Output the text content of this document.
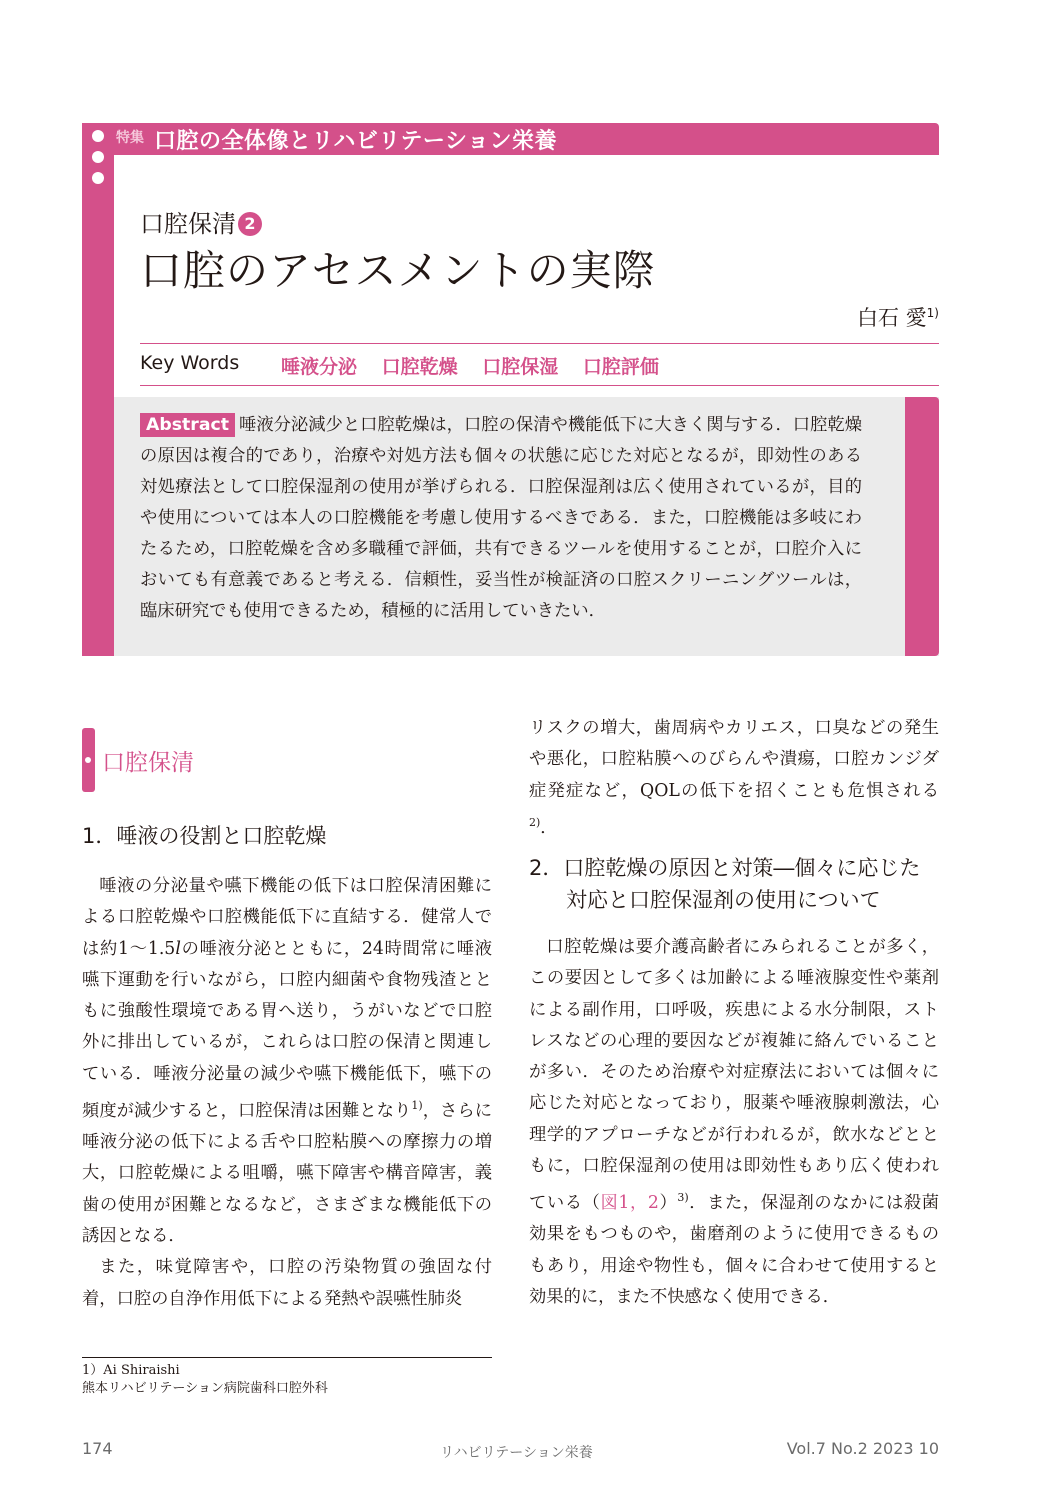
特集 口腔の全体像とリハビリテーション栄養
口腔保清 2
口腔のアセスメントの実際
白石 愛$^{1)}$
Key Words 唾液分泌 口腔乾燥 口腔保湿 口腔評価
Abstract 唾液分泌減少と口腔乾燥は，口腔の保清や機能低下に大きく関与する．口腔乾燥の原因は複合的であり，治療や対処方法も個々の状態に応じた対応となるが，即効性のある対処療法として口腔保湿剤の使用が挙げられる．口腔保湿剤は広く使用されているが，目的や使用については本人の口腔機能を考慮し使用するべきである．また，口腔機能は多岐にわたるため，口腔乾燥を含め多職種で評価，共有できるツールを使用することが，口腔介入においても有意義であると考える．信頼性，妥当性が検証済の口腔スクリーニングツールは，臨床研究でも使用できるため，積極的に活用していきたい．
口腔保清
1．唾液の役割と口腔乾燥

唾液の分泌量や嚥下機能の低下は口腔保清困難による口腔乾燥や口腔機能低下に直結する．健常人では約1～1.5lの唾液分泌とともに，24時間常に唾液嚥下運動を行いながら，口腔内細菌や食物残渣とともに強酸性環境である胃へ送り，うがいなどで口腔外に排出しているが，これらは口腔の保清と関連している．唾液分泌量の減少や嚥下機能低下，嚥下の頻度が減少すると，口腔保清は困難となり$^{1)}$，さらに唾液分泌の低下による舌や口腔粘膜への摩擦力の増大，口腔乾燥による咀嚼，嚥下障害や構音障害，義歯の使用が困難となるなど，さまざまな機能低下の誘因となる．

また，味覚障害や，口腔の汚染物質の強固な付着，口腔の自浄作用低下による発熱や誤嚥性肺炎

リスクの増大，歯周病やカリエス，口臭などの発生や悪化，口腔粘膜へのびらんや潰瘍，口腔カンジダ症発症など，QOLの低下を招くことも危惧される$^{2)}$．

2．口腔乾燥の原因と対策―個々に応じた
対応と口腔保湿剤の使用について

口腔乾燥は要介護高齢者にみられることが多く，この要因として多くは加齢による唾液腺変性や薬剤による副作用，口呼吸，疾患による水分制限，ストレスなどの心理的要因などが複雑に絡んでいることが多い．そのため治療や対症療法においては個々に応じた対応となっており，服薬や唾液腺刺激法，心理学的アプローチなどが行われるが，飲水などとともに，口腔保湿剤の使用は即効性もあり広く使われている（図1，2）$^{3)}$．また，保湿剤のなかには殺菌効果をもつものや，歯磨剤のように使用できるものもあり，用途や物性も，個々に合わせて使用すると効果的に，また不快感なく使用できる．

1）Ai Shiraishi
熊本リハビリテーション病院歯科口腔外科
174	リハビリテーション栄養	Vol.7 No.2 2023 10
